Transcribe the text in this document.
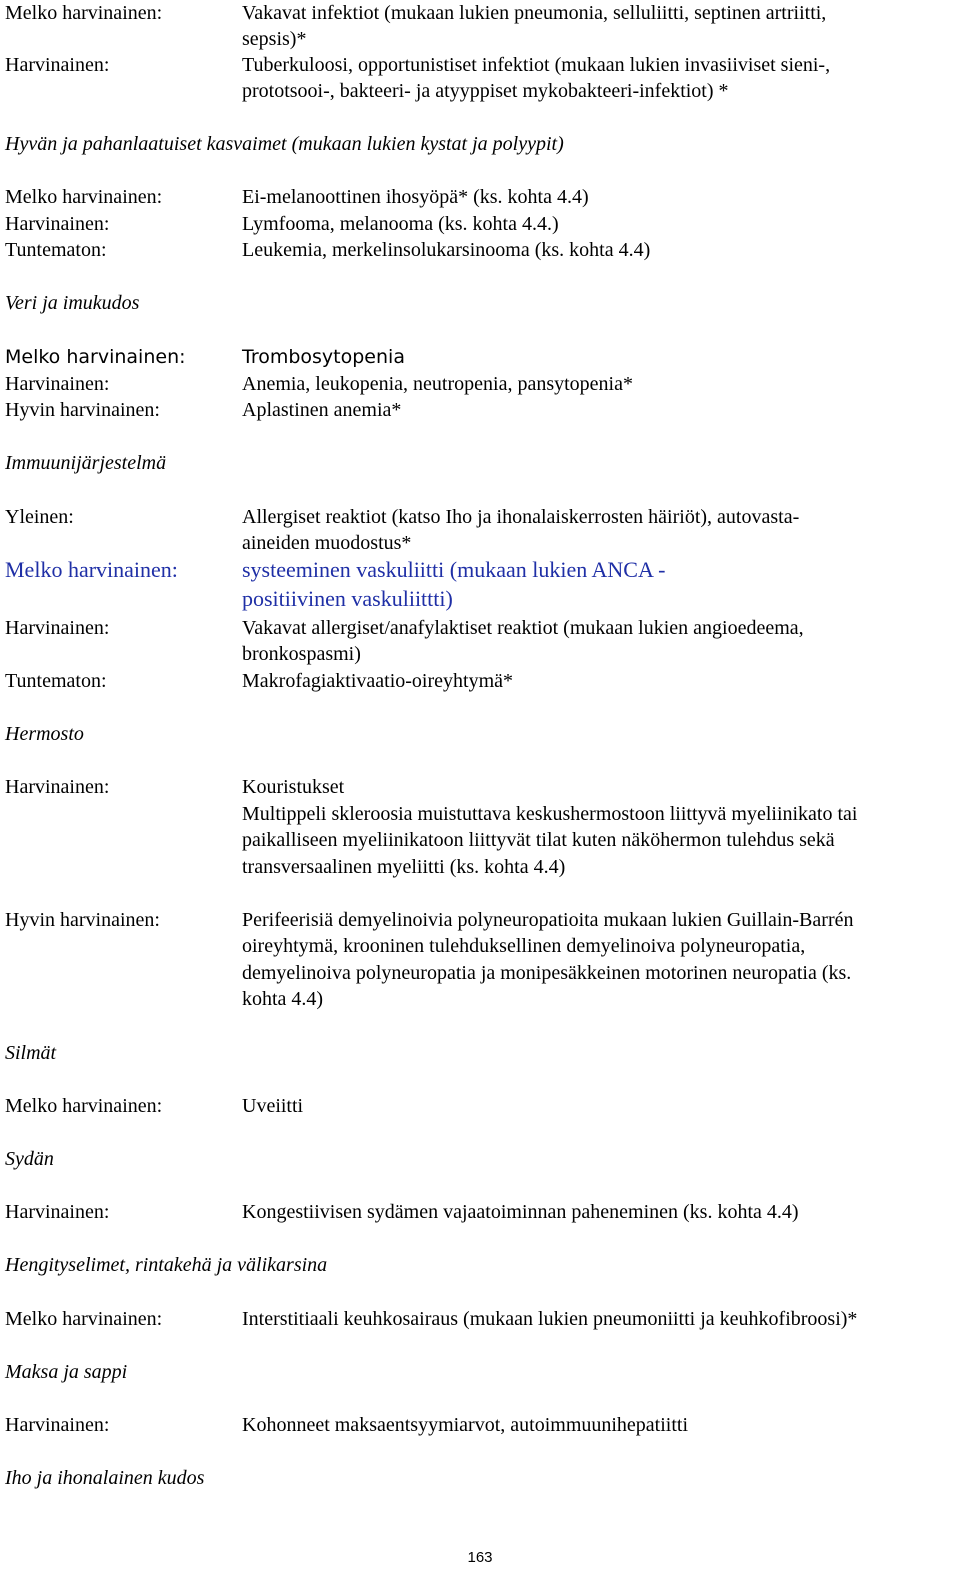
Melko harvinainen:	Vakavat infektiot (mukaan lukien pneumonia, selluliitti, septinen artriitti,
sepsis)*
Harvinainen:	Tuberkuloosi, opportunistiset infektiot (mukaan lukien invasiiviset sieni-,
prototsooi-, bakteeri- ja atyyppiset mykobakteeri-infektiot) *
Hyvän ja pahanlaatuiset kasvaimet (mukaan lukien kystat ja polyypit)
Melko harvinainen:	Ei-melanoottinen ihosyöpä* (ks. kohta 4.4)
Harvinainen:	Lymfooma, melanooma (ks. kohta 4.4.)
Tuntematon:	Leukemia, merkelinsolukarsinooma (ks. kohta 4.4)
Veri ja imukudos
Melko harvinainen:	Trombosytopenia
Harvinainen:	Anemia, leukopenia, neutropenia, pansytopenia*
Hyvin harvinainen:	Aplastinen anemia*
Immuunijärjestelmä
Yleinen:	Allergiset reaktiot (katso Iho ja ihonalaiskerrosten häiriöt), autovasta-
aineiden muodostus*
Melko harvinainen:	systeeminen vaskuliitti (mukaan lukien ANCA -
positiivinen vaskuliittti)
Harvinainen:	Vakavat allergiset/anafylaktiset reaktiot (mukaan lukien angioedeema,
bronkospasmi)
Tuntematon:	Makrofagiaktivaatio-oireyhtymä*
Hermosto
Harvinainen:	Kouristukset
Multippeli skleroosia muistuttava keskushermostoon liittyvä myeliinikato tai
paikalliseen myeliinikatoon liittyvät tilat kuten näköhermon tulehdus sekä
transversaalinen myeliitti (ks. kohta 4.4)
Hyvin harvinainen:	Perifeerisiä demyelinoivia polyneuropatioita mukaan lukien Guillain-Barrén
oireyhtymä, krooninen tulehduksellinen demyelinoiva polyneuropatia,
demyelinoiva polyneuropatia ja monipesäkkeinen motorinen neuropatia (ks.
kohta 4.4)
Silmät
Melko harvinainen:	Uveiitti
Sydän
Harvinainen:	Kongestiivisen sydämen vajaatoiminnan paheneminen (ks. kohta 4.4)
Hengityselimet, rintakehä ja välikarsina
Melko harvinainen:	Interstitiaali keuhkosairaus (mukaan lukien pneumoniitti ja keuhkofibroosi)*
Maksa ja sappi
Harvinainen:	Kohonneet maksaentsyymiarvot, autoimmuunihepatiitti
Iho ja ihonalainen kudos
163
